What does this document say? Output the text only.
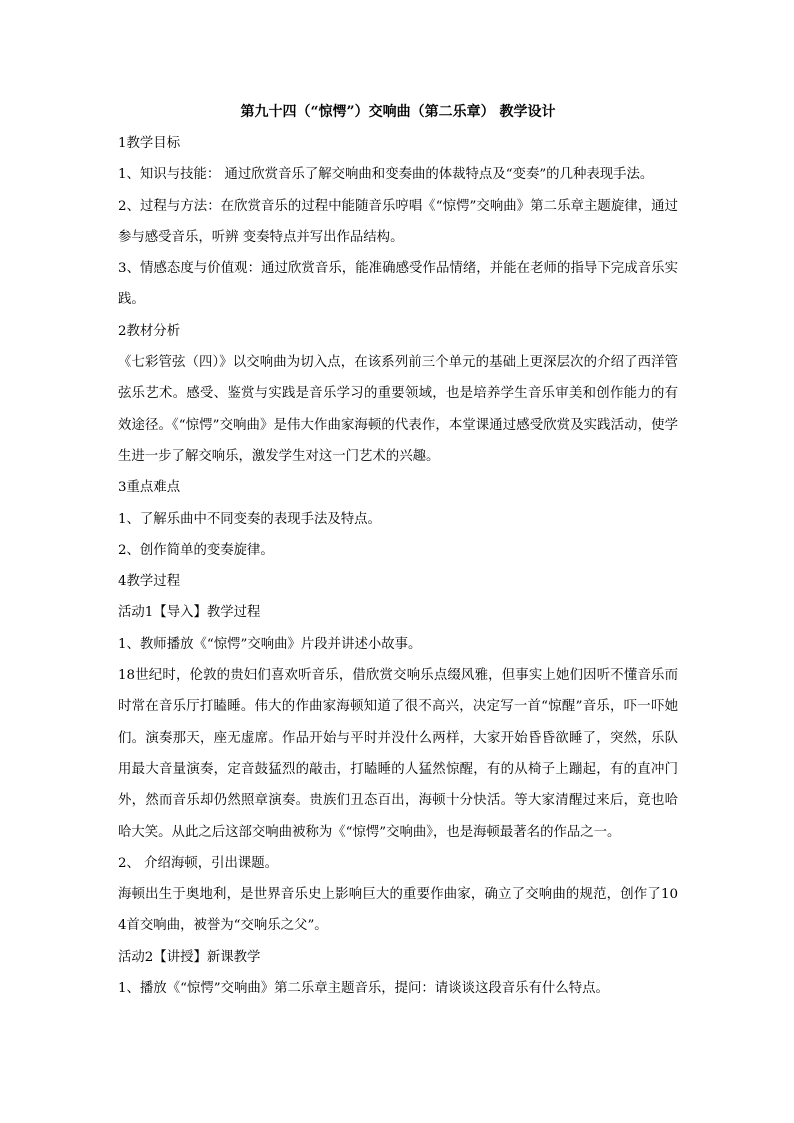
第九十四（“惊愕”）交响曲（第二乐章） 教学设计

1教学目标

1、知识与技能： 通过欣赏音乐了解交响曲和变奏曲的体裁特点及“变奏”的几种表现手法。

2、过程与方法：在欣赏音乐的过程中能随音乐哼唱《“惊愕”交响曲》第二乐章主题旋律，通过参与感受音乐，听辨 变奏特点并写出作品结构。

3、情感态度与价值观：通过欣赏音乐，能准确感受作品情绪，并能在老师的指导下完成音乐实践。

2教材分析

《七彩管弦（四）》以交响曲为切入点，在该系列前三个单元的基础上更深层次的介绍了西洋管弦乐艺术。感受、鉴赏与实践是音乐学习的重要领域，也是培养学生音乐审美和创作能力的有效途径。《“惊愕”交响曲》是伟大作曲家海顿的代表作，本堂课通过感受欣赏及实践活动，使学生进一步了解交响乐，激发学生对这一门艺术的兴趣。

3重点难点

1、了解乐曲中不同变奏的表现手法及特点。

2、创作简单的变奏旋律。

4教学过程

活动1【导入】教学过程

1、教师播放《“惊愕”交响曲》片段并讲述小故事。

18世纪时，伦敦的贵妇们喜欢听音乐，借欣赏交响乐点缀风雅，但事实上她们因听不懂音乐而时常在音乐厅打瞌睡。伟大的作曲家海顿知道了很不高兴，决定写一首“惊醒”音乐，吓一吓她们。演奏那天，座无虚席。作品开始与平时并没什么两样，大家开始昏昏欲睡了，突然，乐队用最大音量演奏，定音鼓猛烈的敲击，打瞌睡的人猛然惊醒，有的从椅子上蹦起，有的直冲门外，然而音乐却仍然照章演奏。贵族们丑态百出，海顿十分快活。等大家清醒过来后，竟也哈哈大笑。从此之后这部交响曲被称为《“惊愕”交响曲》，也是海顿最著名的作品之一。

2、 介绍海顿，引出课题。

海顿出生于奥地利，是世界音乐史上影响巨大的重要作曲家，确立了交响曲的规范，创作了104首交响曲，被誉为“交响乐之父”。

活动2【讲授】新课教学

1、播放《“惊愕”交响曲》第二乐章主题音乐，提问：请谈谈这段音乐有什么特点。
